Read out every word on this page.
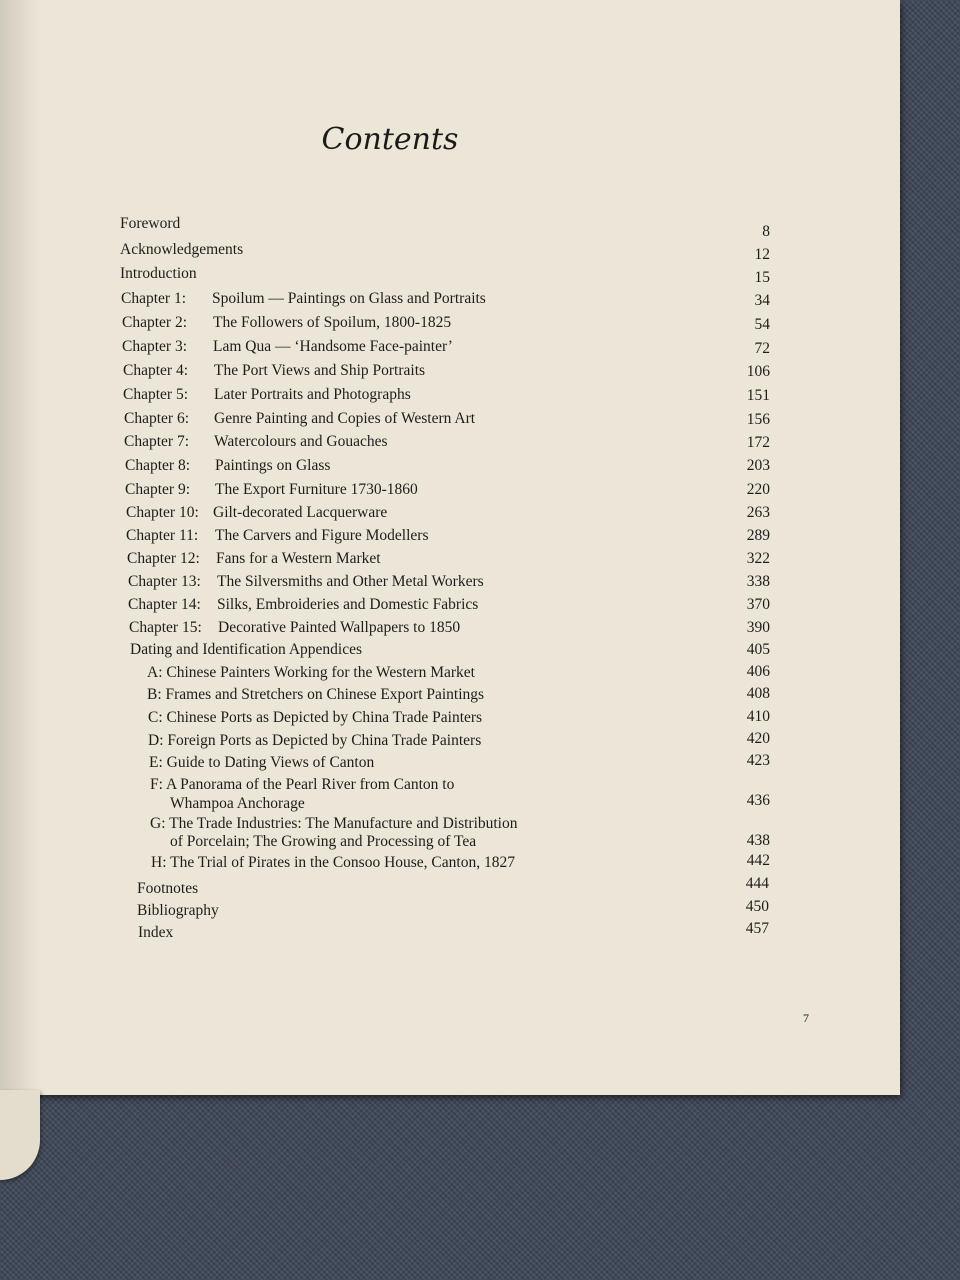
Contents
Foreword	8
Acknowledgements	12
Introduction	15
Chapter 1: Spoilum — Paintings on Glass and Portraits	34
Chapter 2: The Followers of Spoilum, 1800-1825	54
Chapter 3: Lam Qua — ‘Handsome Face-painter’	72
Chapter 4: The Port Views and Ship Portraits	106
Chapter 5: Later Portraits and Photographs	151
Chapter 6: Genre Painting and Copies of Western Art	156
Chapter 7: Watercolours and Gouaches	172
Chapter 8: Paintings on Glass	203
Chapter 9: The Export Furniture 1730-1860	220
Chapter 10: Gilt-decorated Lacquerware	263
Chapter 11: The Carvers and Figure Modellers	289
Chapter 12: Fans for a Western Market	322
Chapter 13: The Silversmiths and Other Metal Workers	338
Chapter 14: Silks, Embroideries and Domestic Fabrics	370
Chapter 15: Decorative Painted Wallpapers to 1850	390
Dating and Identification Appendices	405
A: Chinese Painters Working for the Western Market	406
B: Frames and Stretchers on Chinese Export Paintings	408
C: Chinese Ports as Depicted by China Trade Painters	410
D: Foreign Ports as Depicted by China Trade Painters	420
E: Guide to Dating Views of Canton	423
F: A Panorama of the Pearl River from Canton to
Whampoa Anchorage	436
G: The Trade Industries: The Manufacture and Distribution
of Porcelain; The Growing and Processing of Tea	438
H: The Trial of Pirates in the Consoo House, Canton, 1827	442
Footnotes	444
Bibliography	450
Index	457
7
